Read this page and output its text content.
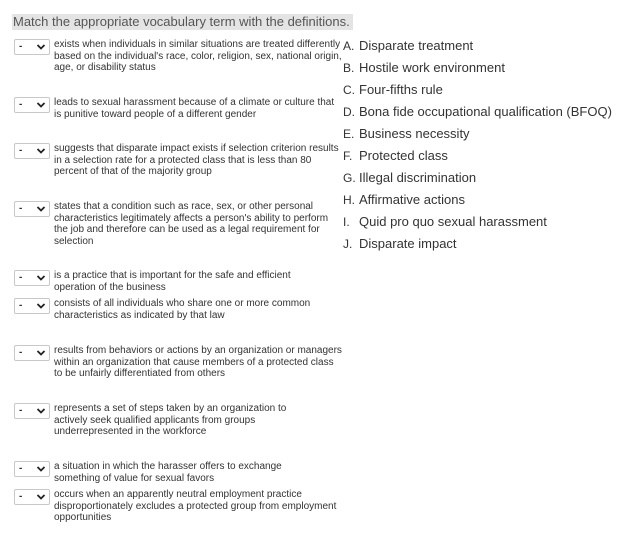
Match the appropriate vocabulary term with the definitions.
-	exists when individuals in similar situations are treated differently based on the individual's race, color, religion, sex, national origin, age, or disability status
-	leads to sexual harassment because of a climate or culture that is punitive toward people of a different gender
-	suggests that disparate impact exists if selection criterion results in a selection rate for a protected class that is less than 80 percent of that of the majority group
-	states that a condition such as race, sex, or other personal characteristics legitimately affects a person's ability to perform the job and therefore can be used as a legal requirement for selection
-	is a practice that is important for the safe and efficient operation of the business
-	consists of all individuals who share one or more common characteristics as indicated by that law
-	results from behaviors or actions by an organization or managers within an organization that cause members of a protected class to be unfairly differentiated from others
-	represents a set of steps taken by an organization to actively seek qualified applicants from groups underrepresented in the workforce
-	a situation in which the harasser offers to exchange something of value for sexual favors
-	occurs when an apparently neutral employment practice disproportionately excludes a protected group from employment opportunities
A. Disparate treatment
B. Hostile work environment
C. Four-fifths rule
D. Bona fide occupational qualification (BFOQ)
E. Business necessity
F. Protected class
G. Illegal discrimination
H. Affirmative actions
I. Quid pro quo sexual harassment
J. Disparate impact
